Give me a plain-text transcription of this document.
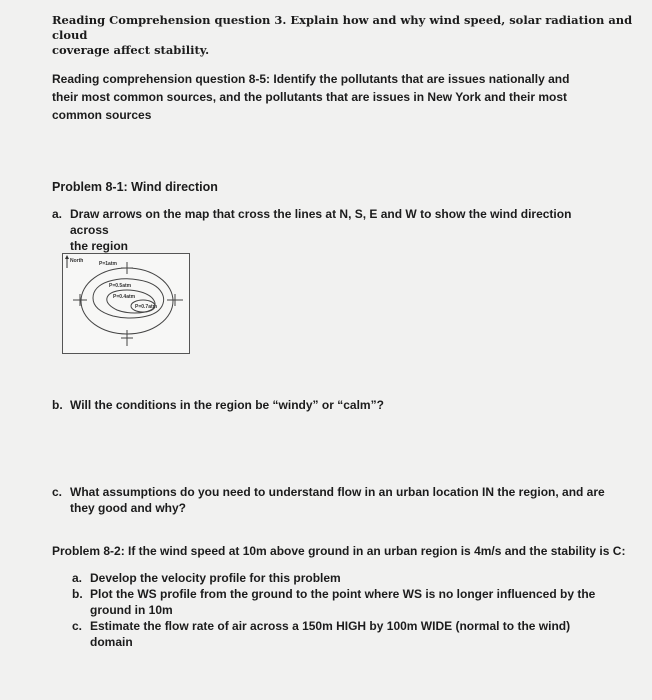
Reading Comprehension question 3. Explain how and why wind speed, solar radiation and cloud
coverage affect stability.
Reading comprehension question 8-5: Identify the pollutants that are issues nationally and
their most common sources, and the pollutants that are issues in New York and their most
common sources
Problem 8-1: Wind direction
a. Draw arrows on the map that cross the lines at N, S, E and W to show the wind direction across
the region
North	P=1atm
P=0.5atm
P=0.4atm
P=0.7atm
b. Will the conditions in the region be “windy” or “calm”?
c. What assumptions do you need to understand flow in an urban location IN the region, and are
they good and why?
Problem 8-2: If the wind speed at 10m above ground in an urban region is 4m/s and the stability is C:
a. Develop the velocity profile for this problem
b. Plot the WS profile from the ground to the point where WS is no longer influenced by the
ground in 10m
c. Estimate the flow rate of air across a 150m HIGH by 100m WIDE (normal to the wind)
domain
